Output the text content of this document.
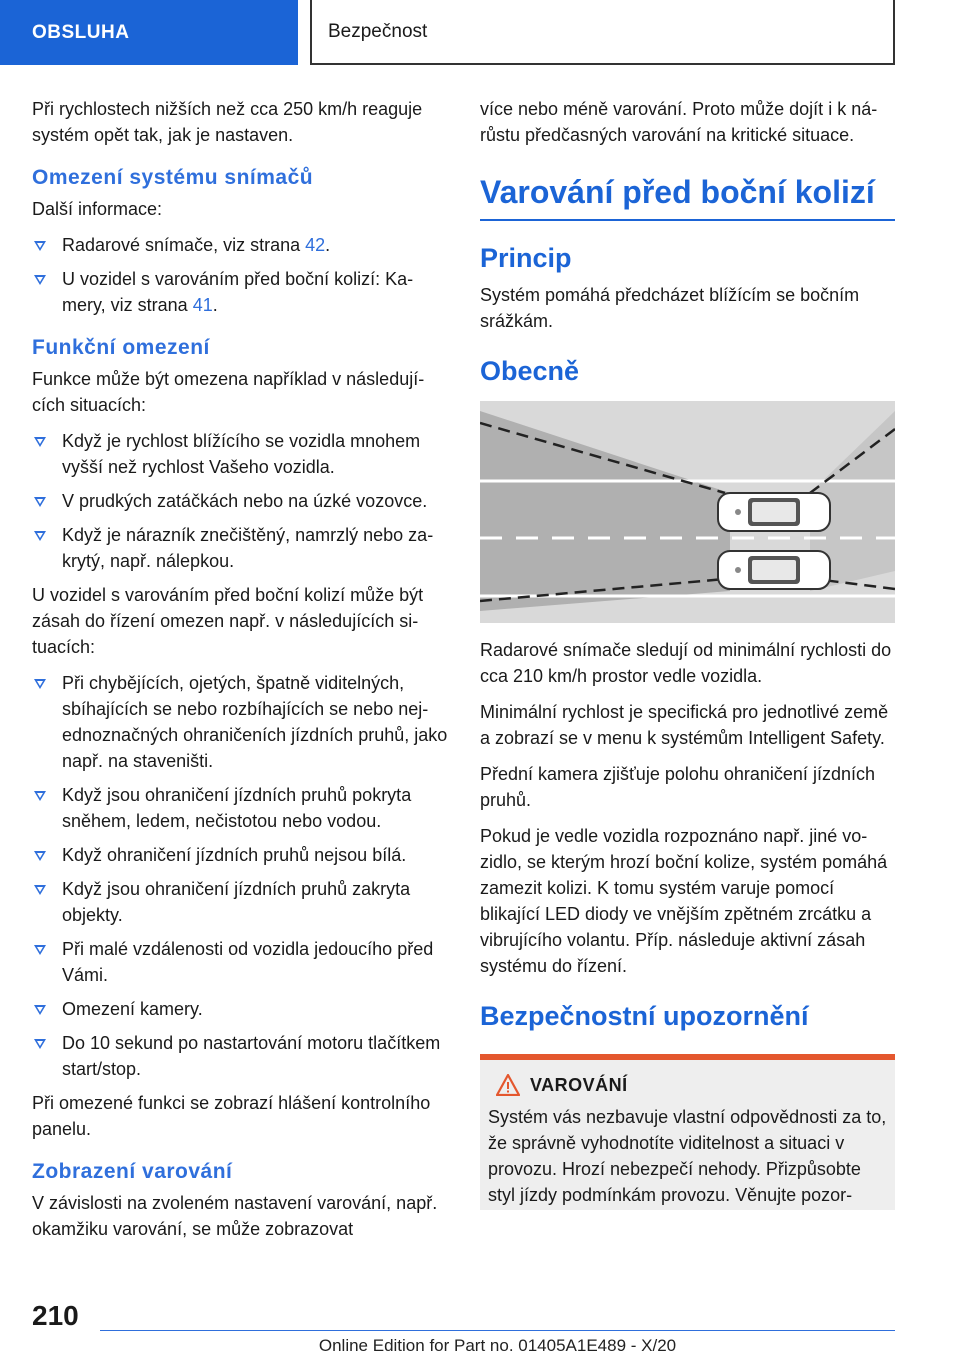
OBSLUHA	Bezpečnost

Při rychlostech nižších než cca 250 km/h reaguje systém opět tak, jak je nastaven.

Omezení systému snímačů

Další informace:

Radarové snímače, viz strana 42.
U vozidel s varováním před boční kolizí: Kamery, viz strana 41.
Funkční omezení

Funkce může být omezena například v následujících situacích:

Když je rychlost blížícího se vozidla mnohem vyšší než rychlost Vašeho vozidla.
V prudkých zatáčkách nebo na úzké vozovce.
Když je nárazník znečištěný, namrzlý nebo zakrytý, např. nálepkou.

U vozidel s varováním před boční kolizí může být zásah do řízení omezen např. v následujících situacích:

Při chybějících, ojetých, špatně viditelných, sbíhajících se nebo rozbíhajících se nebo nejednoznačných ohraničeních jízdních pruhů, jako např. na staveništi.
Když jsou ohraničení jízdních pruhů pokryta sněhem, ledem, nečistotou nebo vodou.
Když ohraničení jízdních pruhů nejsou bílá.
Když jsou ohraničení jízdních pruhů zakryta objekty.
Při malé vzdálenosti od vozidla jedoucího před Vámi.
Omezení kamery.
Do 10 sekund po nastartování motoru tlačítkem start/stop.

Při omezené funkci se zobrazí hlášení kontrolního panelu.

Zobrazení varování

V závislosti na zvoleném nastavení varování, např. okamžiku varování, se může zobrazovat

více nebo méně varování. Proto může dojít i k nárůstu předčasných varování na kritické situace.

Varování před boční kolizí
Princip

Systém pomáhá předcházet blížícím se bočním srážkám.

Obecně

Radarové snímače sledují od minimální rychlosti do cca 210 km/h prostor vedle vozidla.

Minimální rychlost je specifická pro jednotlivé země a zobrazí se v menu k systémům Intelligent Safety.

Přední kamera zjišťuje polohu ohraničení jízdních pruhů.

Pokud je vedle vozidla rozpoznáno např. jiné vozidlo, se kterým hrozí boční kolize, systém pomáhá zamezit kolizi. K tomu systém varuje pomocí blikající LED diody ve vnějším zpětném zrcátku a vibrujícího volantu. Příp. následuje aktivní zásah systému do řízení.

Bezpečnostní upozornění
VAROVÁNÍ

Systém vás nezbavuje vlastní odpovědnosti za to, že správně vyhodnotíte viditelnost a situaci v provozu. Hrozí nebezpečí nehody. Přizpůsobte styl jízdy podmínkám provozu. Věnujte pozor-

210
Online Edition for Part no. 01405A1E489 - X/20
